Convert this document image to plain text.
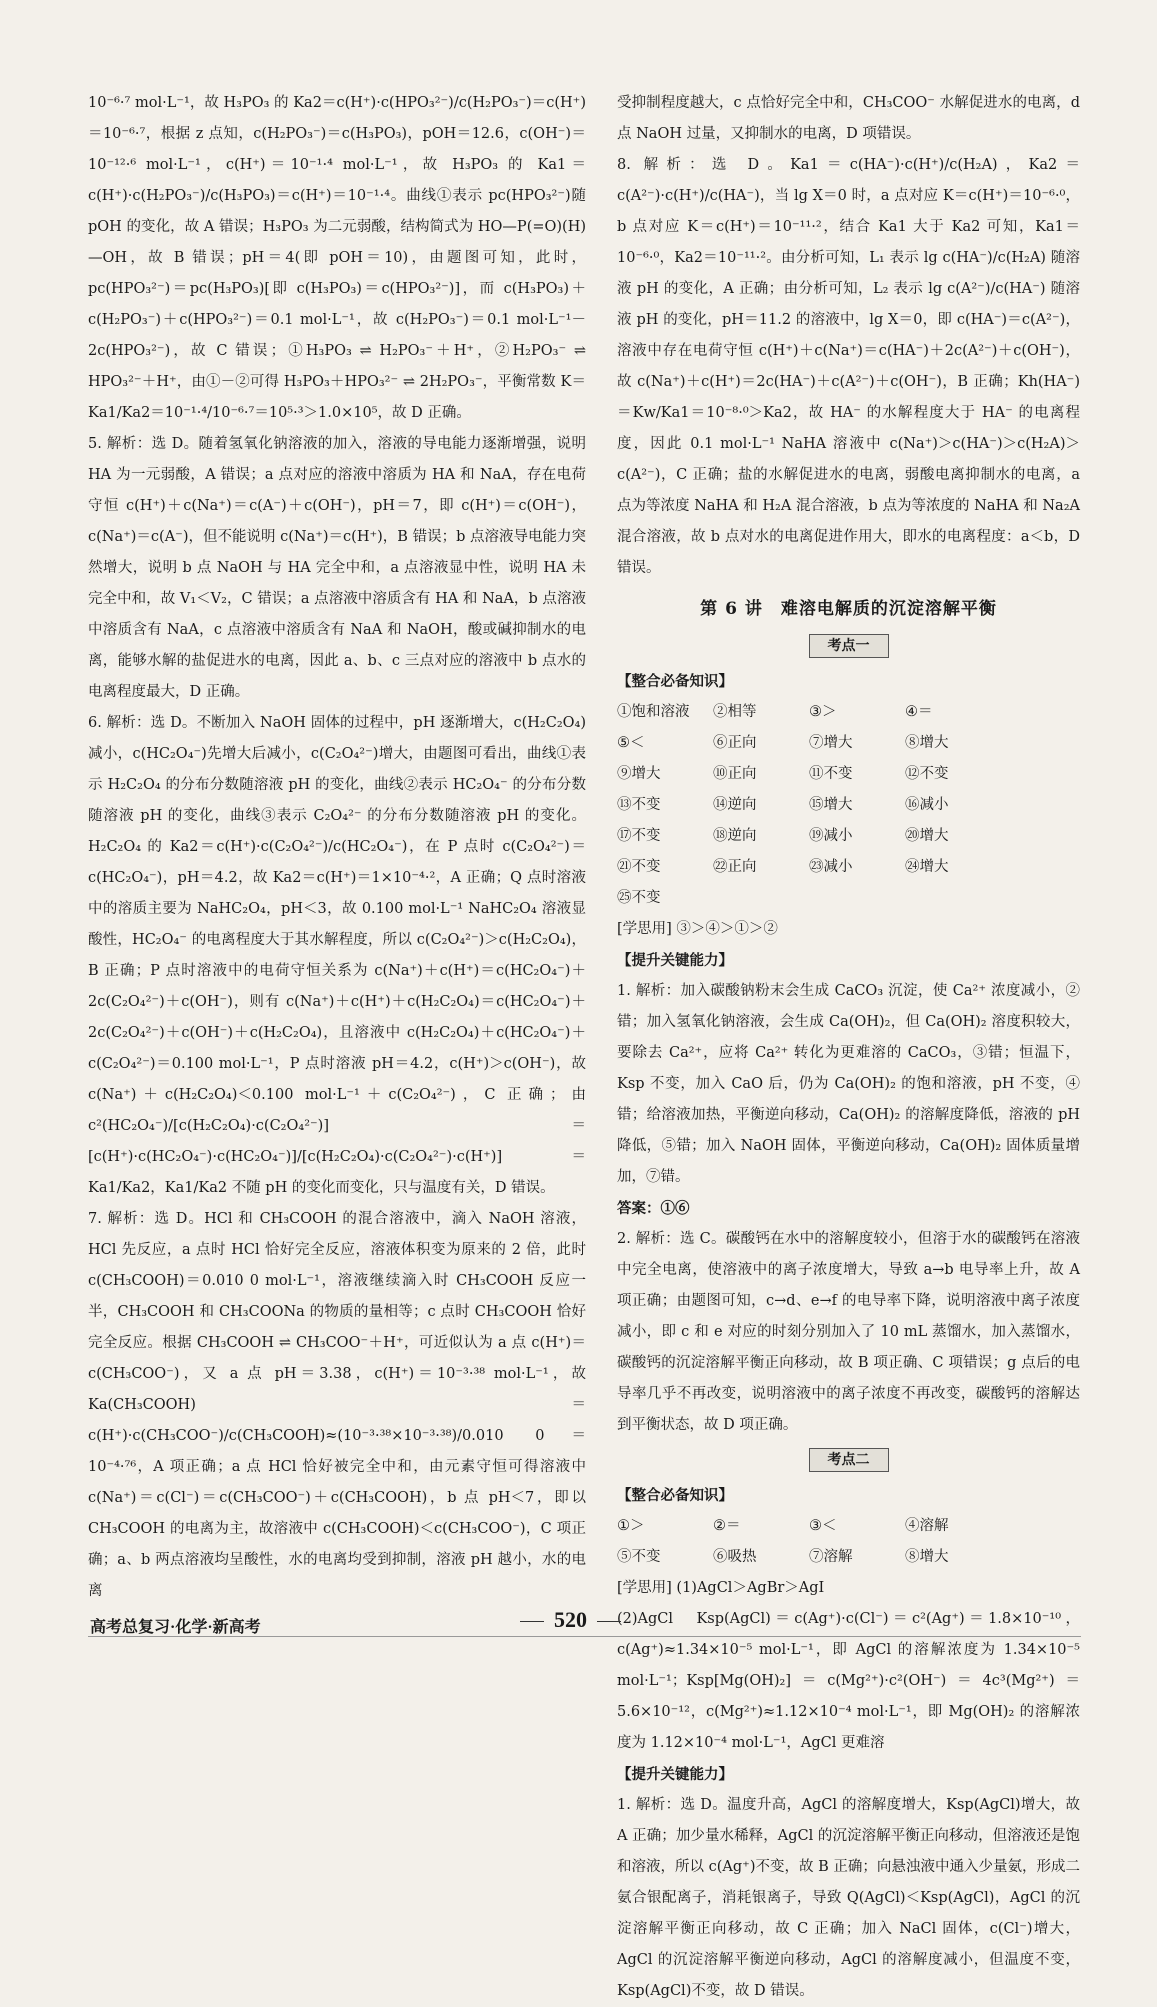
10⁻⁶·⁷ mol·L⁻¹，故 H₃PO₃ 的 Ka2＝c(H⁺)·c(HPO₃²⁻)/c(H₂PO₃⁻)＝c(H⁺)＝10⁻⁶·⁷，根据 z 点知，c(H₂PO₃⁻)＝c(H₃PO₃)，pOH＝12.6，c(OH⁻)＝10⁻¹²·⁶ mol·L⁻¹，c(H⁺)＝10⁻¹·⁴ mol·L⁻¹，故 H₃PO₃ 的 Ka1＝c(H⁺)·c(H₂PO₃⁻)/c(H₃PO₃)＝c(H⁺)＝10⁻¹·⁴。曲线①表示 pc(HPO₃²⁻)随 pOH 的变化，故 A 错误；H₃PO₃ 为二元弱酸，结构简式为 HO—P(=O)(H)—OH，故 B 错误；pH＝4(即 pOH＝10)，由题图可知，此时，pc(HPO₃²⁻)＝pc(H₃PO₃)[即 c(H₃PO₃)＝c(HPO₃²⁻)]，而 c(H₃PO₃)＋c(H₂PO₃⁻)＋c(HPO₃²⁻)＝0.1 mol·L⁻¹，故 c(H₂PO₃⁻)＝0.1 mol·L⁻¹－2c(HPO₃²⁻)，故 C 错误；①H₃PO₃ ⇌ H₂PO₃⁻＋H⁺，②H₂PO₃⁻ ⇌ HPO₃²⁻＋H⁺，由①－②可得 H₃PO₃＋HPO₃²⁻ ⇌ 2H₂PO₃⁻，平衡常数 K＝Ka1/Ka2＝10⁻¹·⁴/10⁻⁶·⁷＝10⁵·³＞1.0×10⁵，故 D 正确。

5. 解析：选 D。随着氢氧化钠溶液的加入，溶液的导电能力逐渐增强，说明 HA 为一元弱酸，A 错误；a 点对应的溶液中溶质为 HA 和 NaA，存在电荷守恒 c(H⁺)＋c(Na⁺)＝c(A⁻)＋c(OH⁻)，pH＝7，即 c(H⁺)＝c(OH⁻)，c(Na⁺)＝c(A⁻)，但不能说明 c(Na⁺)＝c(H⁺)，B 错误；b 点溶液导电能力突然增大，说明 b 点 NaOH 与 HA 完全中和，a 点溶液显中性，说明 HA 未完全中和，故 V₁＜V₂，C 错误；a 点溶液中溶质含有 HA 和 NaA，b 点溶液中溶质含有 NaA，c 点溶液中溶质含有 NaA 和 NaOH，酸或碱抑制水的电离，能够水解的盐促进水的电离，因此 a、b、c 三点对应的溶液中 b 点水的电离程度最大，D 正确。

6. 解析：选 D。不断加入 NaOH 固体的过程中，pH 逐渐增大，c(H₂C₂O₄)减小，c(HC₂O₄⁻)先增大后减小，c(C₂O₄²⁻)增大，由题图可看出，曲线①表示 H₂C₂O₄ 的分布分数随溶液 pH 的变化，曲线②表示 HC₂O₄⁻ 的分布分数随溶液 pH 的变化，曲线③表示 C₂O₄²⁻ 的分布分数随溶液 pH 的变化。H₂C₂O₄ 的 Ka2＝c(H⁺)·c(C₂O₄²⁻)/c(HC₂O₄⁻)，在 P 点时 c(C₂O₄²⁻)＝c(HC₂O₄⁻)，pH＝4.2，故 Ka2＝c(H⁺)＝1×10⁻⁴·²，A 正确；Q 点时溶液中的溶质主要为 NaHC₂O₄，pH＜3，故 0.100 mol·L⁻¹ NaHC₂O₄ 溶液显酸性，HC₂O₄⁻ 的电离程度大于其水解程度，所以 c(C₂O₄²⁻)＞c(H₂C₂O₄)，B 正确；P 点时溶液中的电荷守恒关系为 c(Na⁺)＋c(H⁺)＝c(HC₂O₄⁻)＋2c(C₂O₄²⁻)＋c(OH⁻)，则有 c(Na⁺)＋c(H⁺)＋c(H₂C₂O₄)＝c(HC₂O₄⁻)＋2c(C₂O₄²⁻)＋c(OH⁻)＋c(H₂C₂O₄)，且溶液中 c(H₂C₂O₄)＋c(HC₂O₄⁻)＋c(C₂O₄²⁻)＝0.100 mol·L⁻¹，P 点时溶液 pH＝4.2，c(H⁺)＞c(OH⁻)，故 c(Na⁺)＋c(H₂C₂O₄)＜0.100 mol·L⁻¹＋c(C₂O₄²⁻)，C 正确；由 c²(HC₂O₄⁻)/[c(H₂C₂O₄)·c(C₂O₄²⁻)]＝[c(H⁺)·c(HC₂O₄⁻)·c(HC₂O₄⁻)]/[c(H₂C₂O₄)·c(C₂O₄²⁻)·c(H⁺)]＝Ka1/Ka2，Ka1/Ka2 不随 pH 的变化而变化，只与温度有关，D 错误。

7. 解析：选 D。HCl 和 CH₃COOH 的混合溶液中，滴入 NaOH 溶液，HCl 先反应，a 点时 HCl 恰好完全反应，溶液体积变为原来的 2 倍，此时 c(CH₃COOH)＝0.010 0 mol·L⁻¹，溶液继续滴入时 CH₃COOH 反应一半，CH₃COOH 和 CH₃COONa 的物质的量相等；c 点时 CH₃COOH 恰好完全反应。根据 CH₃COOH ⇌ CH₃COO⁻＋H⁺，可近似认为 a 点 c(H⁺)＝c(CH₃COO⁻)，又 a 点 pH＝3.38，c(H⁺)＝10⁻³·³⁸ mol·L⁻¹，故 Ka(CH₃COOH)＝c(H⁺)·c(CH₃COO⁻)/c(CH₃COOH)≈(10⁻³·³⁸×10⁻³·³⁸)/0.010 0＝10⁻⁴·⁷⁶，A 项正确；a 点 HCl 恰好被完全中和，由元素守恒可得溶液中 c(Na⁺)＝c(Cl⁻)＝c(CH₃COO⁻)＋c(CH₃COOH)，b 点 pH＜7，即以 CH₃COOH 的电离为主，故溶液中 c(CH₃COOH)＜c(CH₃COO⁻)，C 项正确；a、b 两点溶液均呈酸性，水的电离均受到抑制，溶液 pH 越小，水的电离

受抑制程度越大，c 点恰好完全中和，CH₃COO⁻ 水解促进水的电离，d 点 NaOH 过量，又抑制水的电离，D 项错误。

8. 解析：选 D。Ka1＝c(HA⁻)·c(H⁺)/c(H₂A)，Ka2＝c(A²⁻)·c(H⁺)/c(HA⁻)，当 lg X＝0 时，a 点对应 K＝c(H⁺)＝10⁻⁶·⁰，b 点对应 K＝c(H⁺)＝10⁻¹¹·²，结合 Ka1 大于 Ka2 可知，Ka1＝10⁻⁶·⁰，Ka2＝10⁻¹¹·²。由分析可知，L₁ 表示 lg c(HA⁻)/c(H₂A) 随溶液 pH 的变化，A 正确；由分析可知，L₂ 表示 lg c(A²⁻)/c(HA⁻) 随溶液 pH 的变化，pH＝11.2 的溶液中，lg X＝0，即 c(HA⁻)＝c(A²⁻)，溶液中存在电荷守恒 c(H⁺)＋c(Na⁺)＝c(HA⁻)＋2c(A²⁻)＋c(OH⁻)，故 c(Na⁺)＋c(H⁺)＝2c(HA⁻)＋c(A²⁻)＋c(OH⁻)，B 正确；Kh(HA⁻)＝Kw/Ka1＝10⁻⁸·⁰＞Ka2，故 HA⁻ 的水解程度大于 HA⁻ 的电离程度，因此 0.1 mol·L⁻¹ NaHA 溶液中 c(Na⁺)＞c(HA⁻)＞c(H₂A)＞c(A²⁻)，C 正确；盐的水解促进水的电离，弱酸电离抑制水的电离，a 点为等浓度 NaHA 和 H₂A 混合溶液，b 点为等浓度的 NaHA 和 Na₂A 混合溶液，故 b 点对水的电离促进作用大，即水的电离程度：a＜b，D 错误。

第 6 讲　难溶电解质的沉淀溶解平衡
考点一
【整合必备知识】
①饱和溶液	②相等	③＞	④＝
⑤＜	⑥正向	⑦增大	⑧增大
⑨增大	⑩正向	⑪不变	⑫不变
⑬不变	⑭逆向	⑮增大	⑯减小
⑰不变	⑱逆向	⑲减小	⑳增大
㉑不变	㉒正向	㉓减小	㉔增大
㉕不变

[学思用] ③＞④＞①＞②

【提升关键能力】

1. 解析：加入碳酸钠粉末会生成 CaCO₃ 沉淀，使 Ca²⁺ 浓度减小，②错；加入氢氧化钠溶液，会生成 Ca(OH)₂，但 Ca(OH)₂ 溶度积较大，要除去 Ca²⁺，应将 Ca²⁺ 转化为更难溶的 CaCO₃，③错；恒温下，Ksp 不变，加入 CaO 后，仍为 Ca(OH)₂ 的饱和溶液，pH 不变，④错；给溶液加热，平衡逆向移动，Ca(OH)₂ 的溶解度降低，溶液的 pH 降低，⑤错；加入 NaOH 固体，平衡逆向移动，Ca(OH)₂ 固体质量增加，⑦错。

答案：①⑥

2. 解析：选 C。碳酸钙在水中的溶解度较小，但溶于水的碳酸钙在溶液中完全电离，使溶液中的离子浓度增大，导致 a→b 电导率上升，故 A 项正确；由题图可知，c→d、e→f 的电导率下降，说明溶液中离子浓度减小，即 c 和 e 对应的时刻分别加入了 10 mL 蒸馏水，加入蒸馏水，碳酸钙的沉淀溶解平衡正向移动，故 B 项正确、C 项错误；g 点后的电导率几乎不再改变，说明溶液中的离子浓度不再改变，碳酸钙的溶解达到平衡状态，故 D 项正确。

考点二
【整合必备知识】
①＞	②＝	③＜	④溶解
⑤不变	⑥吸热	⑦溶解	⑧增大

[学思用] (1)AgCl＞AgBr＞AgI

(2)AgCl　Ksp(AgCl)＝c(Ag⁺)·c(Cl⁻)＝c²(Ag⁺)＝1.8×10⁻¹⁰，c(Ag⁺)≈1.34×10⁻⁵ mol·L⁻¹，即 AgCl 的溶解浓度为 1.34×10⁻⁵ mol·L⁻¹；Ksp[Mg(OH)₂]＝c(Mg²⁺)·c²(OH⁻)＝4c³(Mg²⁺)＝5.6×10⁻¹²，c(Mg²⁺)≈1.12×10⁻⁴ mol·L⁻¹，即 Mg(OH)₂ 的溶解浓度为 1.12×10⁻⁴ mol·L⁻¹，AgCl 更难溶

【提升关键能力】

1. 解析：选 D。温度升高，AgCl 的溶解度增大，Ksp(AgCl)增大，故 A 正确；加少量水稀释，AgCl 的沉淀溶解平衡正向移动，但溶液还是饱和溶液，所以 c(Ag⁺)不变，故 B 正确；向悬浊液中通入少量氨，形成二氨合银配离子，消耗银离子，导致 Q(AgCl)＜Ksp(AgCl)，AgCl 的沉淀溶解平衡正向移动，故 C 正确；加入 NaCl 固体，c(Cl⁻)增大，AgCl 的沉淀溶解平衡逆向移动，AgCl 的溶解度减小，但温度不变，Ksp(AgCl)不变，故 D 错误。

高考总复习·化学·新高考	520
